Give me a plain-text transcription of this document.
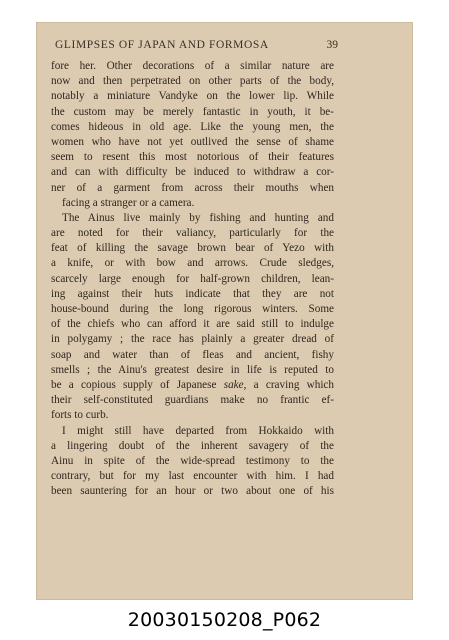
GLIMPSES OF JAPAN AND FORMOSA	39
fore her. Other decorations of a similar nature are
now and then perpetrated on other parts of the body,
notably a miniature Vandyke on the lower lip. While
the custom may be merely fantastic in youth, it be-
comes hideous in old age. Like the young men, the
women who have not yet outlived the sense of shame
seem to resent this most notorious of their features
and can with difficulty be induced to withdraw a cor-
ner of a garment from across their mouths when
facing a stranger or a camera.
The Ainus live mainly by fishing and hunting and
are noted for their valiancy, particularly for the
feat of killing the savage brown bear of Yezo with
a knife, or with bow and arrows. Crude sledges,
scarcely large enough for half-grown children, lean-
ing against their huts indicate that they are not
house-bound during the long rigorous winters. Some
of the chiefs who can afford it are said still to indulge
in polygamy ; the race has plainly a greater dread of
soap and water than of fleas and ancient, fishy
smells ; the Ainu's greatest desire in life is reputed to
be a copious supply of Japanese sake, a craving which
their self-constituted guardians make no frantic ef-
forts to curb.
I might still have departed from Hokkaido with
a lingering doubt of the inherent savagery of the
Ainu in spite of the wide-spread testimony to the
contrary, but for my last encounter with him. I had
been sauntering for an hour or two about one of his
20030150208_P062
